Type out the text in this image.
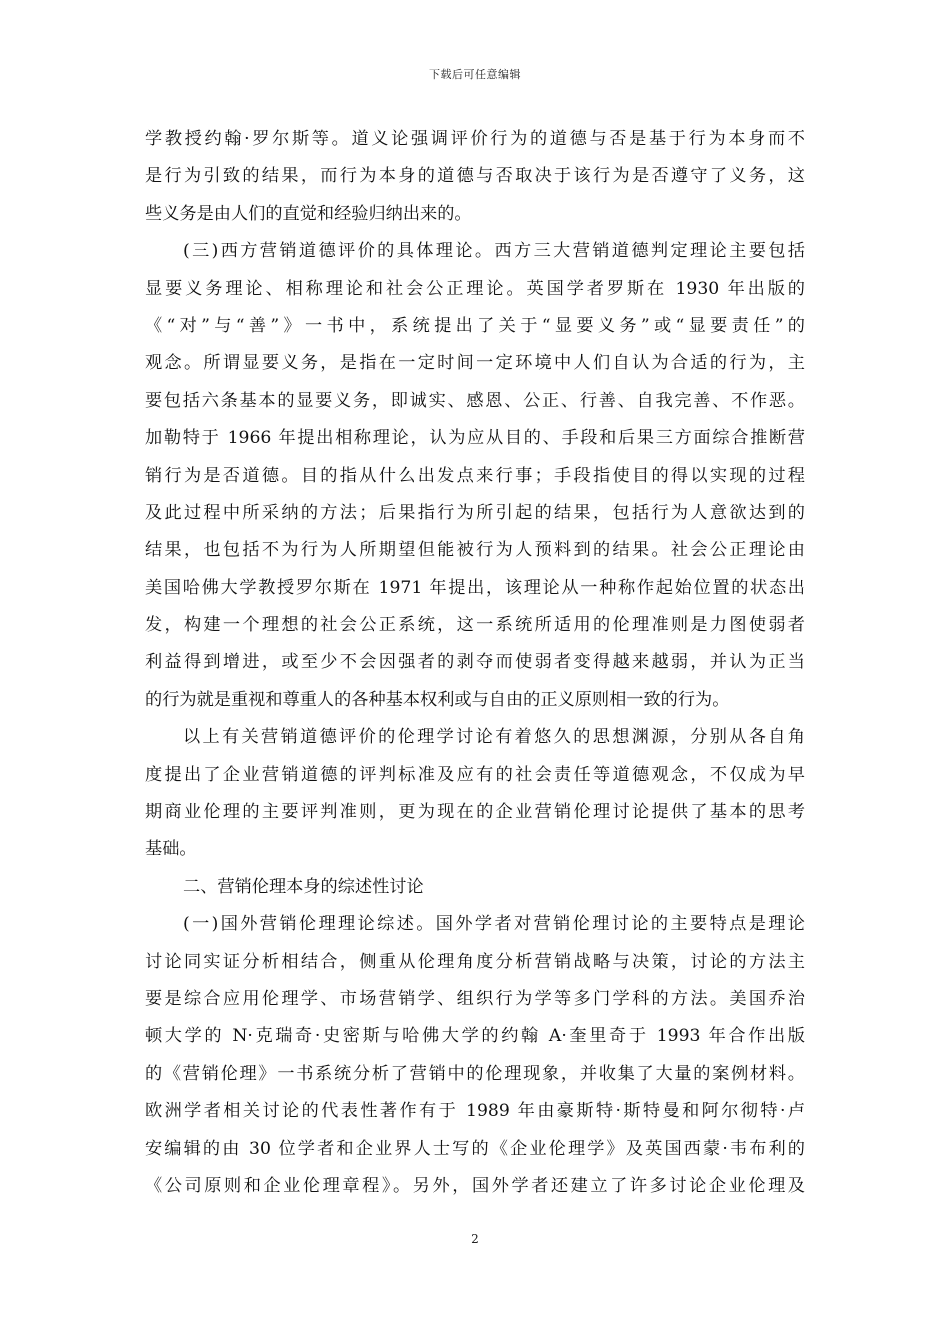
下载后可任意编辑
学教授约翰·罗尔斯等。道义论强调评价行为的道德与否是基于行为本身而不
是行为引致的结果，而行为本身的道德与否取决于该行为是否遵守了义务，这
些义务是由人们的直觉和经验归纳出来的。
(三)西方营销道德评价的具体理论。西方三大营销道德判定理论主要包括
显要义务理论、相称理论和社会公正理论。英国学者罗斯在 1930 年出版的
《“对”与“善”》一书中，系统提出了关于“显要义务”或“显要责任”的
观念。所谓显要义务，是指在一定时间一定环境中人们自认为合适的行为，主
要包括六条基本的显要义务，即诚实、感恩、公正、行善、自我完善、不作恶。
加勒特于 1966 年提出相称理论，认为应从目的、手段和后果三方面综合推断营
销行为是否道德。目的指从什么出发点来行事；手段指使目的得以实现的过程
及此过程中所采纳的方法；后果指行为所引起的结果，包括行为人意欲达到的
结果，也包括不为行为人所期望但能被行为人预料到的结果。社会公正理论由
美国哈佛大学教授罗尔斯在 1971 年提出，该理论从一种称作起始位置的状态出
发，构建一个理想的社会公正系统，这一系统所适用的伦理准则是力图使弱者
利益得到增进，或至少不会因强者的剥夺而使弱者变得越来越弱，并认为正当
的行为就是重视和尊重人的各种基本权利或与自由的正义原则相一致的行为。
以上有关营销道德评价的伦理学讨论有着悠久的思想渊源，分别从各自角
度提出了企业营销道德的评判标准及应有的社会责任等道德观念，不仅成为早
期商业伦理的主要评判准则，更为现在的企业营销伦理讨论提供了基本的思考
基础。
二、营销伦理本身的综述性讨论
(一)国外营销伦理理论综述。国外学者对营销伦理讨论的主要特点是理论
讨论同实证分析相结合，侧重从伦理角度分析营销战略与决策，讨论的方法主
要是综合应用伦理学、市场营销学、组织行为学等多门学科的方法。美国乔治
顿大学的 N·克瑞奇·史密斯与哈佛大学的约翰 A·奎里奇于 1993 年合作出版
的《营销伦理》一书系统分析了营销中的伦理现象，并收集了大量的案例材料。
欧洲学者相关讨论的代表性著作有于 1989 年由豪斯特·斯特曼和阿尔彻特·卢
安编辑的由 30 位学者和企业界人士写的《企业伦理学》及英国西蒙·韦布利的
《公司原则和企业伦理章程》。另外，国外学者还建立了许多讨论企业伦理及
2
